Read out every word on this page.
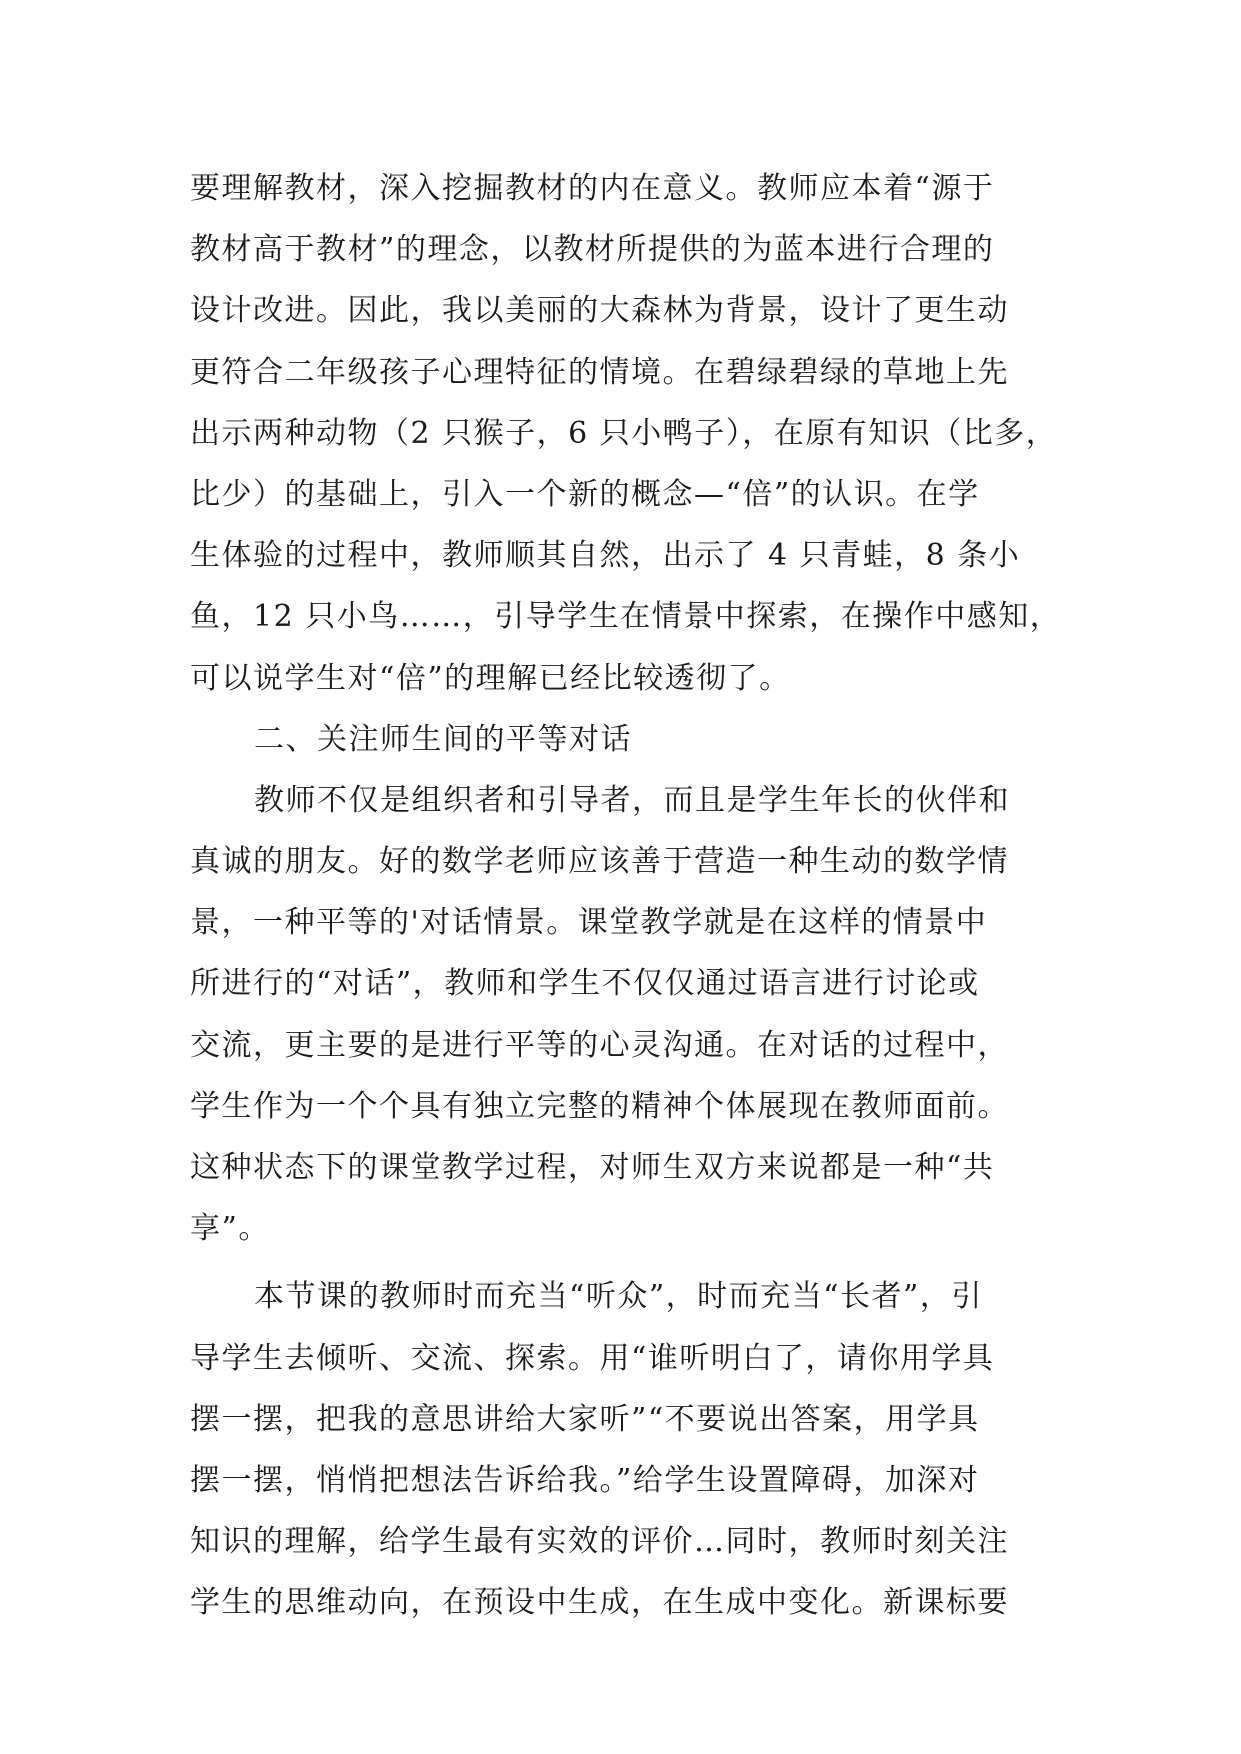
要理解教材，深入挖掘教材的内在意义。教师应本着“源于
教材高于教材”的理念，以教材所提供的为蓝本进行合理的
设计改进。因此，我以美丽的大森林为背景，设计了更生动
更符合二年级孩子心理特征的情境。在碧绿碧绿的草地上先
出示两种动物（2 只猴子，6 只小鸭子），在原有知识（比多，
比少）的基础上，引入一个新的概念—“倍”的认识。在学
生体验的过程中，教师顺其自然，出示了 4 只青蛙，8 条小
鱼，12 只小鸟……，引导学生在情景中探索，在操作中感知，
可以说学生对“倍”的理解已经比较透彻了。
二、关注师生间的平等对话
教师不仅是组织者和引导者，而且是学生年长的伙伴和
真诚的朋友。好的数学老师应该善于营造一种生动的数学情
景，一种平等的'对话情景。课堂教学就是在这样的情景中
所进行的“对话”，教师和学生不仅仅通过语言进行讨论或
交流，更主要的是进行平等的心灵沟通。在对话的过程中，
学生作为一个个具有独立完整的精神个体展现在教师面前。
这种状态下的课堂教学过程，对师生双方来说都是一种“共
享”。
本节课的教师时而充当“听众”，时而充当“长者”，引
导学生去倾听、交流、探索。用“谁听明白了，请你用学具
摆一摆，把我的意思讲给大家听”“不要说出答案，用学具
摆一摆，悄悄把想法告诉给我。”给学生设置障碍，加深对
知识的理解，给学生最有实效的评价…同时，教师时刻关注
学生的思维动向，在预设中生成，在生成中变化。新课标要
